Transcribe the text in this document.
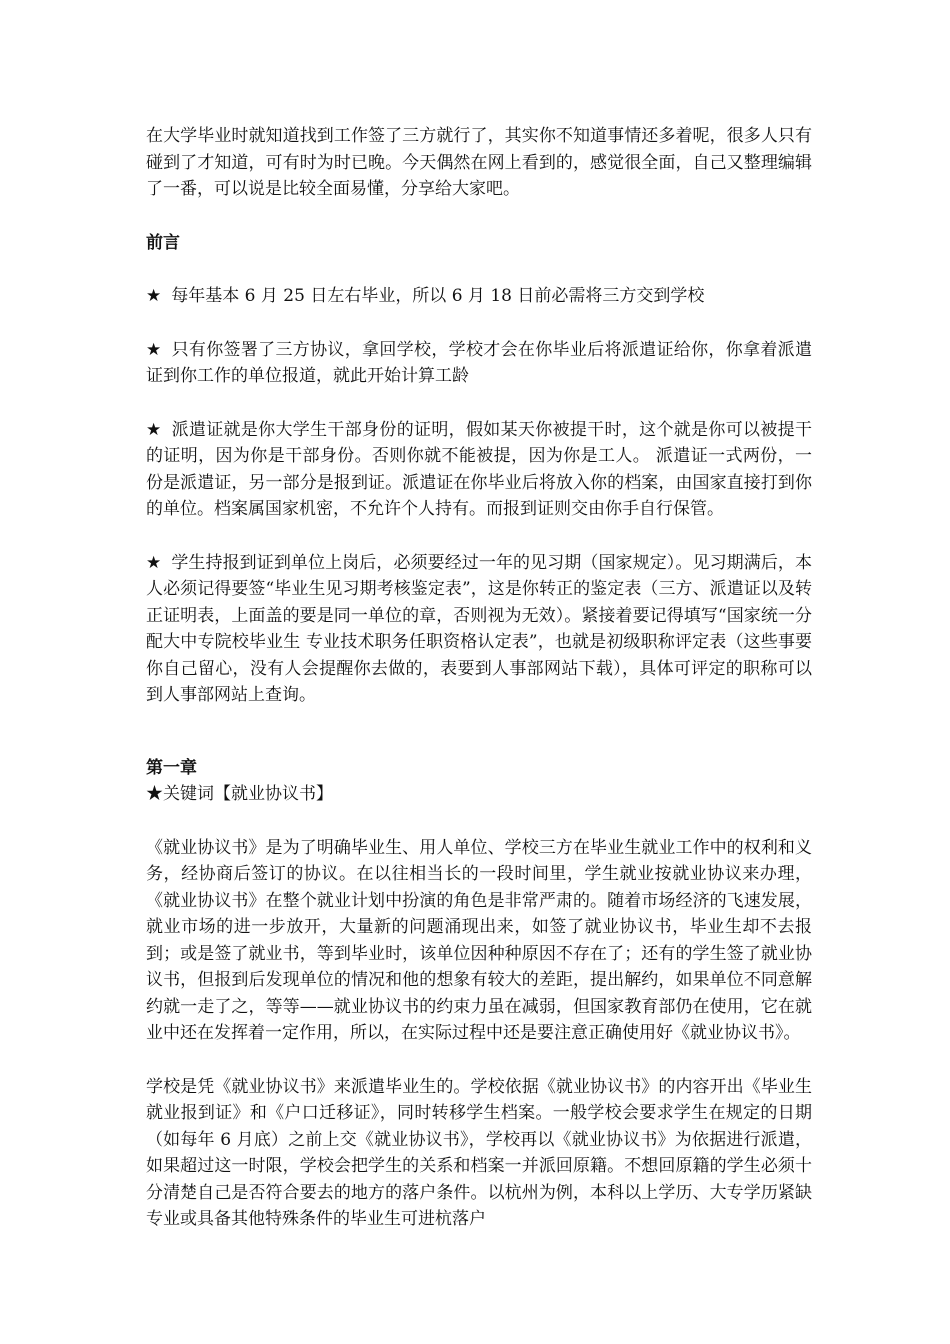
在大学毕业时就知道找到工作签了三方就行了，其实你不知道事情还多着呢，很多人只有碰到了才知道，可有时为时已晚。今天偶然在网上看到的，感觉很全面，自己又整理编辑了一番，可以说是比较全面易懂，分享给大家吧。

前言

★ 每年基本 6 月 25 日左右毕业，所以 6 月 18 日前必需将三方交到学校

★ 只有你签署了三方协议，拿回学校，学校才会在你毕业后将派遣证给你，你拿着派遣证到你工作的单位报道，就此开始计算工龄

★ 派遣证就是你大学生干部身份的证明，假如某天你被提干时，这个就是你可以被提干的证明，因为你是干部身份。否则你就不能被提，因为你是工人。 派遣证一式两份，一份是派遣证，另一部分是报到证。派遣证在你毕业后将放入你的档案，由国家直接打到你的单位。档案属国家机密，不允许个人持有。而报到证则交由你手自行保管。

★ 学生持报到证到单位上岗后，必须要经过一年的见习期（国家规定）。见习期满后，本人必须记得要签“毕业生见习期考核鉴定表”，这是你转正的鉴定表（三方、派遣证以及转正证明表，上面盖的要是同一单位的章，否则视为无效）。紧接着要记得填写“国家统一分配大中专院校毕业生 专业技术职务任职资格认定表”，也就是初级职称评定表（这些事要你自己留心，没有人会提醒你去做的，表要到人事部网站下载），具体可评定的职称可以到人事部网站上查询。

第一章

★关键词【就业协议书】

《就业协议书》是为了明确毕业生、用人单位、学校三方在毕业生就业工作中的权利和义务，经协商后签订的协议。在以往相当长的一段时间里，学生就业按就业协议来办理，《就业协议书》在整个就业计划中扮演的角色是非常严肃的。随着市场经济的飞速发展，就业市场的进一步放开，大量新的问题涌现出来，如签了就业协议书，毕业生却不去报到；或是签了就业书，等到毕业时，该单位因种种原因不存在了；还有的学生签了就业协议书，但报到后发现单位的情况和他的想象有较大的差距，提出解约，如果单位不同意解约就一走了之，等等——就业协议书的约束力虽在减弱，但国家教育部仍在使用，它在就业中还在发挥着一定作用，所以，在实际过程中还是要注意正确使用好《就业协议书》。

学校是凭《就业协议书》来派遣毕业生的。学校依据《就业协议书》的内容开出《毕业生就业报到证》和《户口迁移证》，同时转移学生档案。一般学校会要求学生在规定的日期（如每年 6 月底）之前上交《就业协议书》，学校再以《就业协议书》为依据进行派遣，如果超过这一时限，学校会把学生的关系和档案一并派回原籍。不想回原籍的学生必须十分清楚自己是否符合要去的地方的落户条件。以杭州为例，本科以上学历、大专学历紧缺专业或具备其他特殊条件的毕业生可进杭落户
